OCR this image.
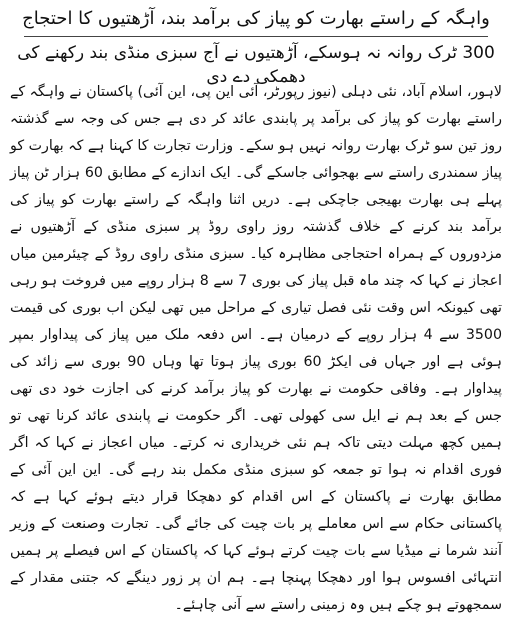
واہگہ کے راستے بھارت کو پیاز کی برآمد بند، آڑھتیوں کا احتجاج
300 ٹرک روانہ نہ ہوسکے، آڑھتیوں نے آج سبزی منڈی بند رکھنے کی دھمکی دے دی

لاہور، اسلام آباد، نئی دہلی (نیوز رپورٹر، آئی این پی، این آئی) پاکستان نے واہگہ کے راستے بھارت کو پیاز کی برآمد پر پابندی عائد کر دی ہے جس کی وجہ سے گذشتہ روز تین سو ٹرک بھارت روانہ نہیں ہو سکے۔ وزارت تجارت کا کہنا ہے کہ بھارت کو پیاز سمندری راستے سے بھجوائی جاسکے گی۔ ایک اندازے کے مطابق 60 ہزار ٹن پیاز پہلے ہی بھارت بھیجی جاچکی ہے۔ دریں اثنا واہگہ کے راستے بھارت کو پیاز کی برآمد بند کرنے کے خلاف گذشتہ روز راوی روڈ پر سبزی منڈی کے آڑھتیوں نے مزدوروں کے ہمراہ احتجاجی مظاہرہ کیا۔ سبزی منڈی راوی روڈ کے چیئرمین میاں اعجاز نے کہا کہ چند ماہ قبل پیاز کی بوری 7 سے 8 ہزار روپے میں فروخت ہو رہی تھی کیونکہ اس وقت نئی فصل تیاری کے مراحل میں تھی لیکن اب بوری کی قیمت 3500 سے 4 ہزار روپے کے درمیان ہے۔ اس دفعہ ملک میں پیاز کی پیداوار بمپر ہوئی ہے اور جہاں فی ایکڑ 60 بوری پیاز ہوتا تھا وہاں 90 بوری سے زائد کی پیداوار ہے۔ وفاقی حکومت نے بھارت کو پیاز برآمد کرنے کی اجازت خود دی تھی جس کے بعد ہم نے ایل سی کھولی تھی۔ اگر حکومت نے پابندی عائد کرنا تھی تو ہمیں کچھ مہلت دیتی تاکہ ہم نئی خریداری نہ کرتے۔ میاں اعجاز نے کہا کہ اگر فوری اقدام نہ ہوا تو جمعہ کو سبزی منڈی مکمل بند رہے گی۔ این این آئی کے مطابق بھارت نے پاکستان کے اس اقدام کو دھچکا قرار دیتے ہوئے کہا ہے کہ پاکستانی حکام سے اس معاملے پر بات چیت کی جائے گی۔ تجارت وصنعت کے وزیر آنند شرما نے میڈیا سے بات چیت کرتے ہوئے کہا کہ پاکستان کے اس فیصلے پر ہمیں انتہائی افسوس ہوا اور دھچکا پہنچا ہے۔ ہم ان پر زور دینگے کہ جتنی مقدار کے سمجھوتے ہو چکے ہیں وہ زمینی راستے سے آنی چاہئے۔
